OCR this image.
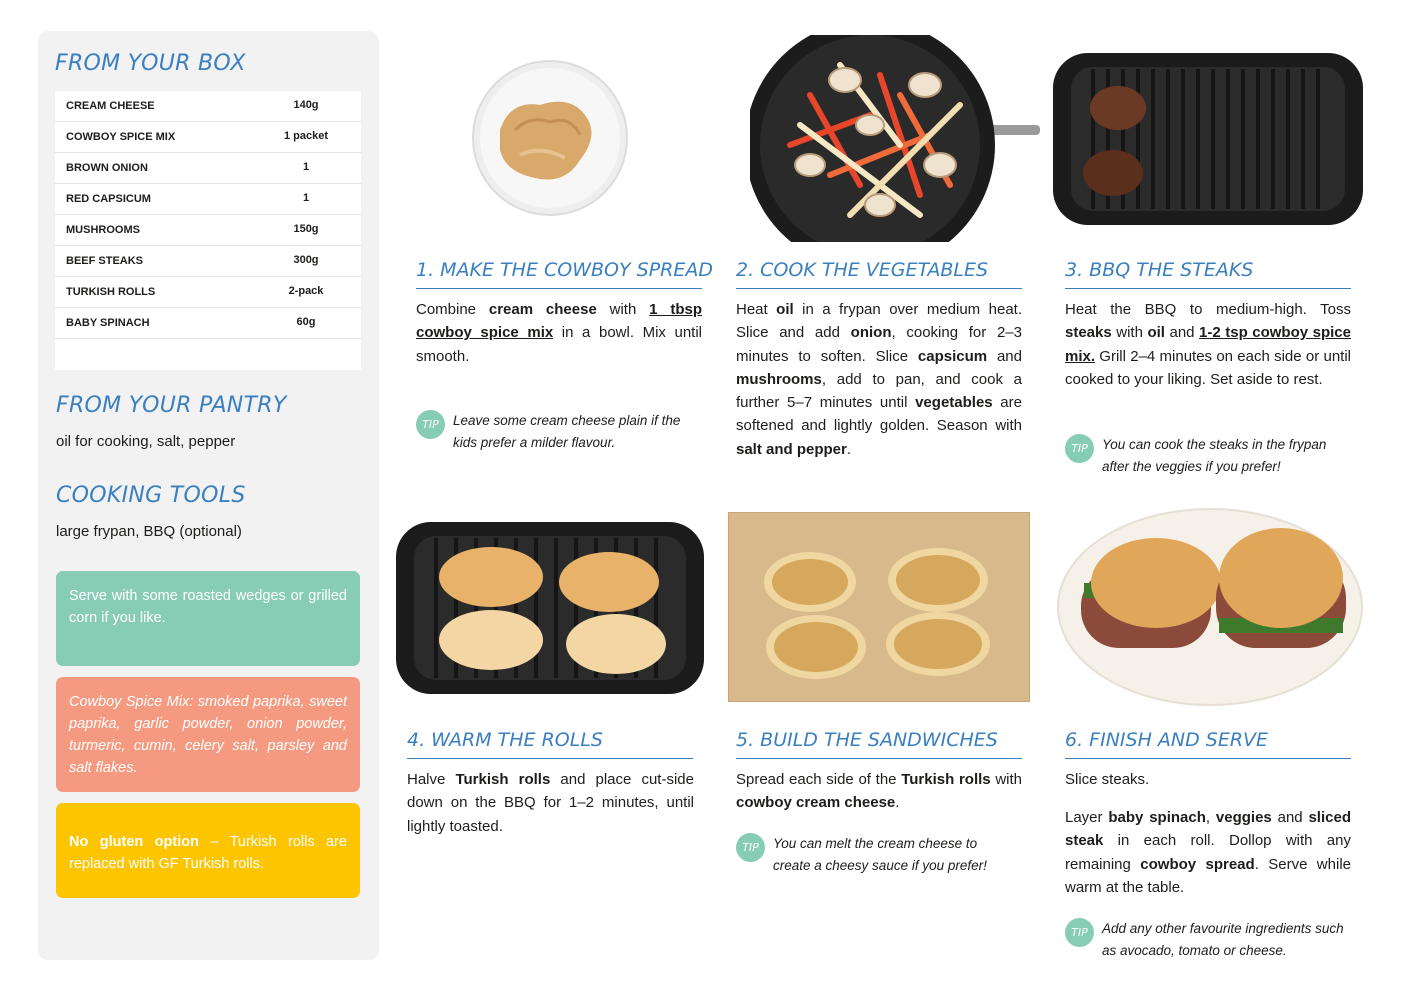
FROM YOUR BOX
CREAM CHEESE	140g
COWBOY SPICE MIX	1 packet
BROWN ONION	1
RED CAPSICUM	1
MUSHROOMS	150g
BEEF STEAKS	300g
TURKISH ROLLS	2-pack
BABY SPINACH	60g
FROM YOUR PANTRY
oil for cooking, salt, pepper
COOKING TOOLS
large frypan, BBQ (optional)
Serve with some roasted wedges or grilled corn if you like.
Cowboy Spice Mix: smoked paprika, sweet paprika, garlic powder, onion powder, turmeric, cumin, celery salt, parsley and salt flakes.
No gluten option – Turkish rolls are replaced with GF Turkish rolls.
1. MAKE THE COWBOY SPREAD
Combine cream cheese with 1 tbsp cowboy spice mix in a bowl. Mix until smooth.
TIP	Leave some cream cheese plain if the kids prefer a milder flavour.
2. COOK THE VEGETABLES
Heat oil in a frypan over medium heat. Slice and add onion, cooking for 2–3 minutes to soften. Slice capsicum and mushrooms, add to pan, and cook a further 5–7 minutes until vegetables are softened and lightly golden. Season with salt and pepper.
3. BBQ THE STEAKS
Heat the BBQ to medium-high. Toss steaks with oil and 1-2 tsp cowboy spice mix. Grill 2–4 minutes on each side or until cooked to your liking. Set aside to rest.
TIP	You can cook the steaks in the frypan after the veggies if you prefer!
4. WARM THE ROLLS
Halve Turkish rolls and place cut-side down on the BBQ for 1–2 minutes, until lightly toasted.
5. BUILD THE SANDWICHES
Spread each side of the Turkish rolls with cowboy cream cheese.
TIP	You can melt the cream cheese to create a cheesy sauce if you prefer!
6. FINISH AND SERVE
Slice steaks.
Layer baby spinach, veggies and sliced steak in each roll. Dollop with any remaining cowboy spread. Serve while warm at the table.
TIP	Add any other favourite ingredients such as avocado, tomato or cheese.
